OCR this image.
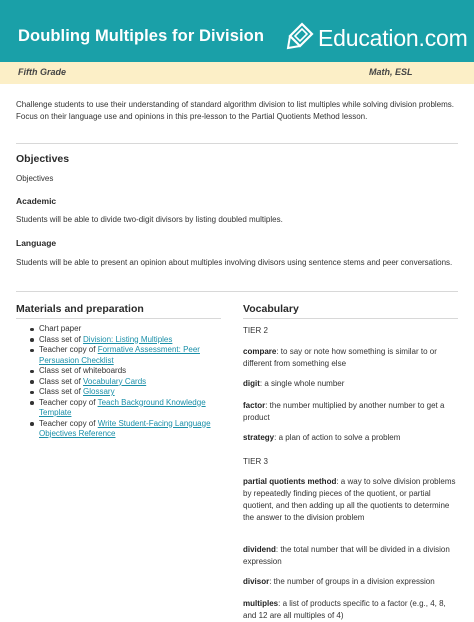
Doubling Multiples for Division Education.com
Fifth Grade	Math, ESL
Challenge students to use their understanding of standard algorithm division to list multiples while solving division problems. Focus on their language use and opinions in this pre-lesson to the Partial Quotients Method lesson.
Objectives
Objectives
Academic
Students will be able to divide two-digit divisors by listing doubled multiples.
Language
Students will be able to present an opinion about multiples involving divisors using sentence stems and peer conversations.
Materials and preparation
Chart paper
Class set of Division: Listing Multiples
Teacher copy of Formative Assessment: Peer Persuasion Checklist
Class set of whiteboards
Class set of Vocabulary Cards
Class set of Glossary
Teacher copy of Teach Background Knowledge Template
Teacher copy of Write Student-Facing Language Objectives Reference
Vocabulary
TIER 2
compare: to say or note how something is similar to or different from something else
digit: a single whole number
factor: the number multiplied by another number to get a product
strategy: a plan of action to solve a problem
TIER 3
partial quotients method: a way to solve division problems by repeatedly finding pieces of the quotient, or partial quotient, and then adding up all the quotients to determine the answer to the division problem
dividend: the total number that will be divided in a division expression
divisor: the number of groups in a division expression
multiples: a list of products specific to a factor (e.g., 4, 8, and 12 are all multiples of 4)
